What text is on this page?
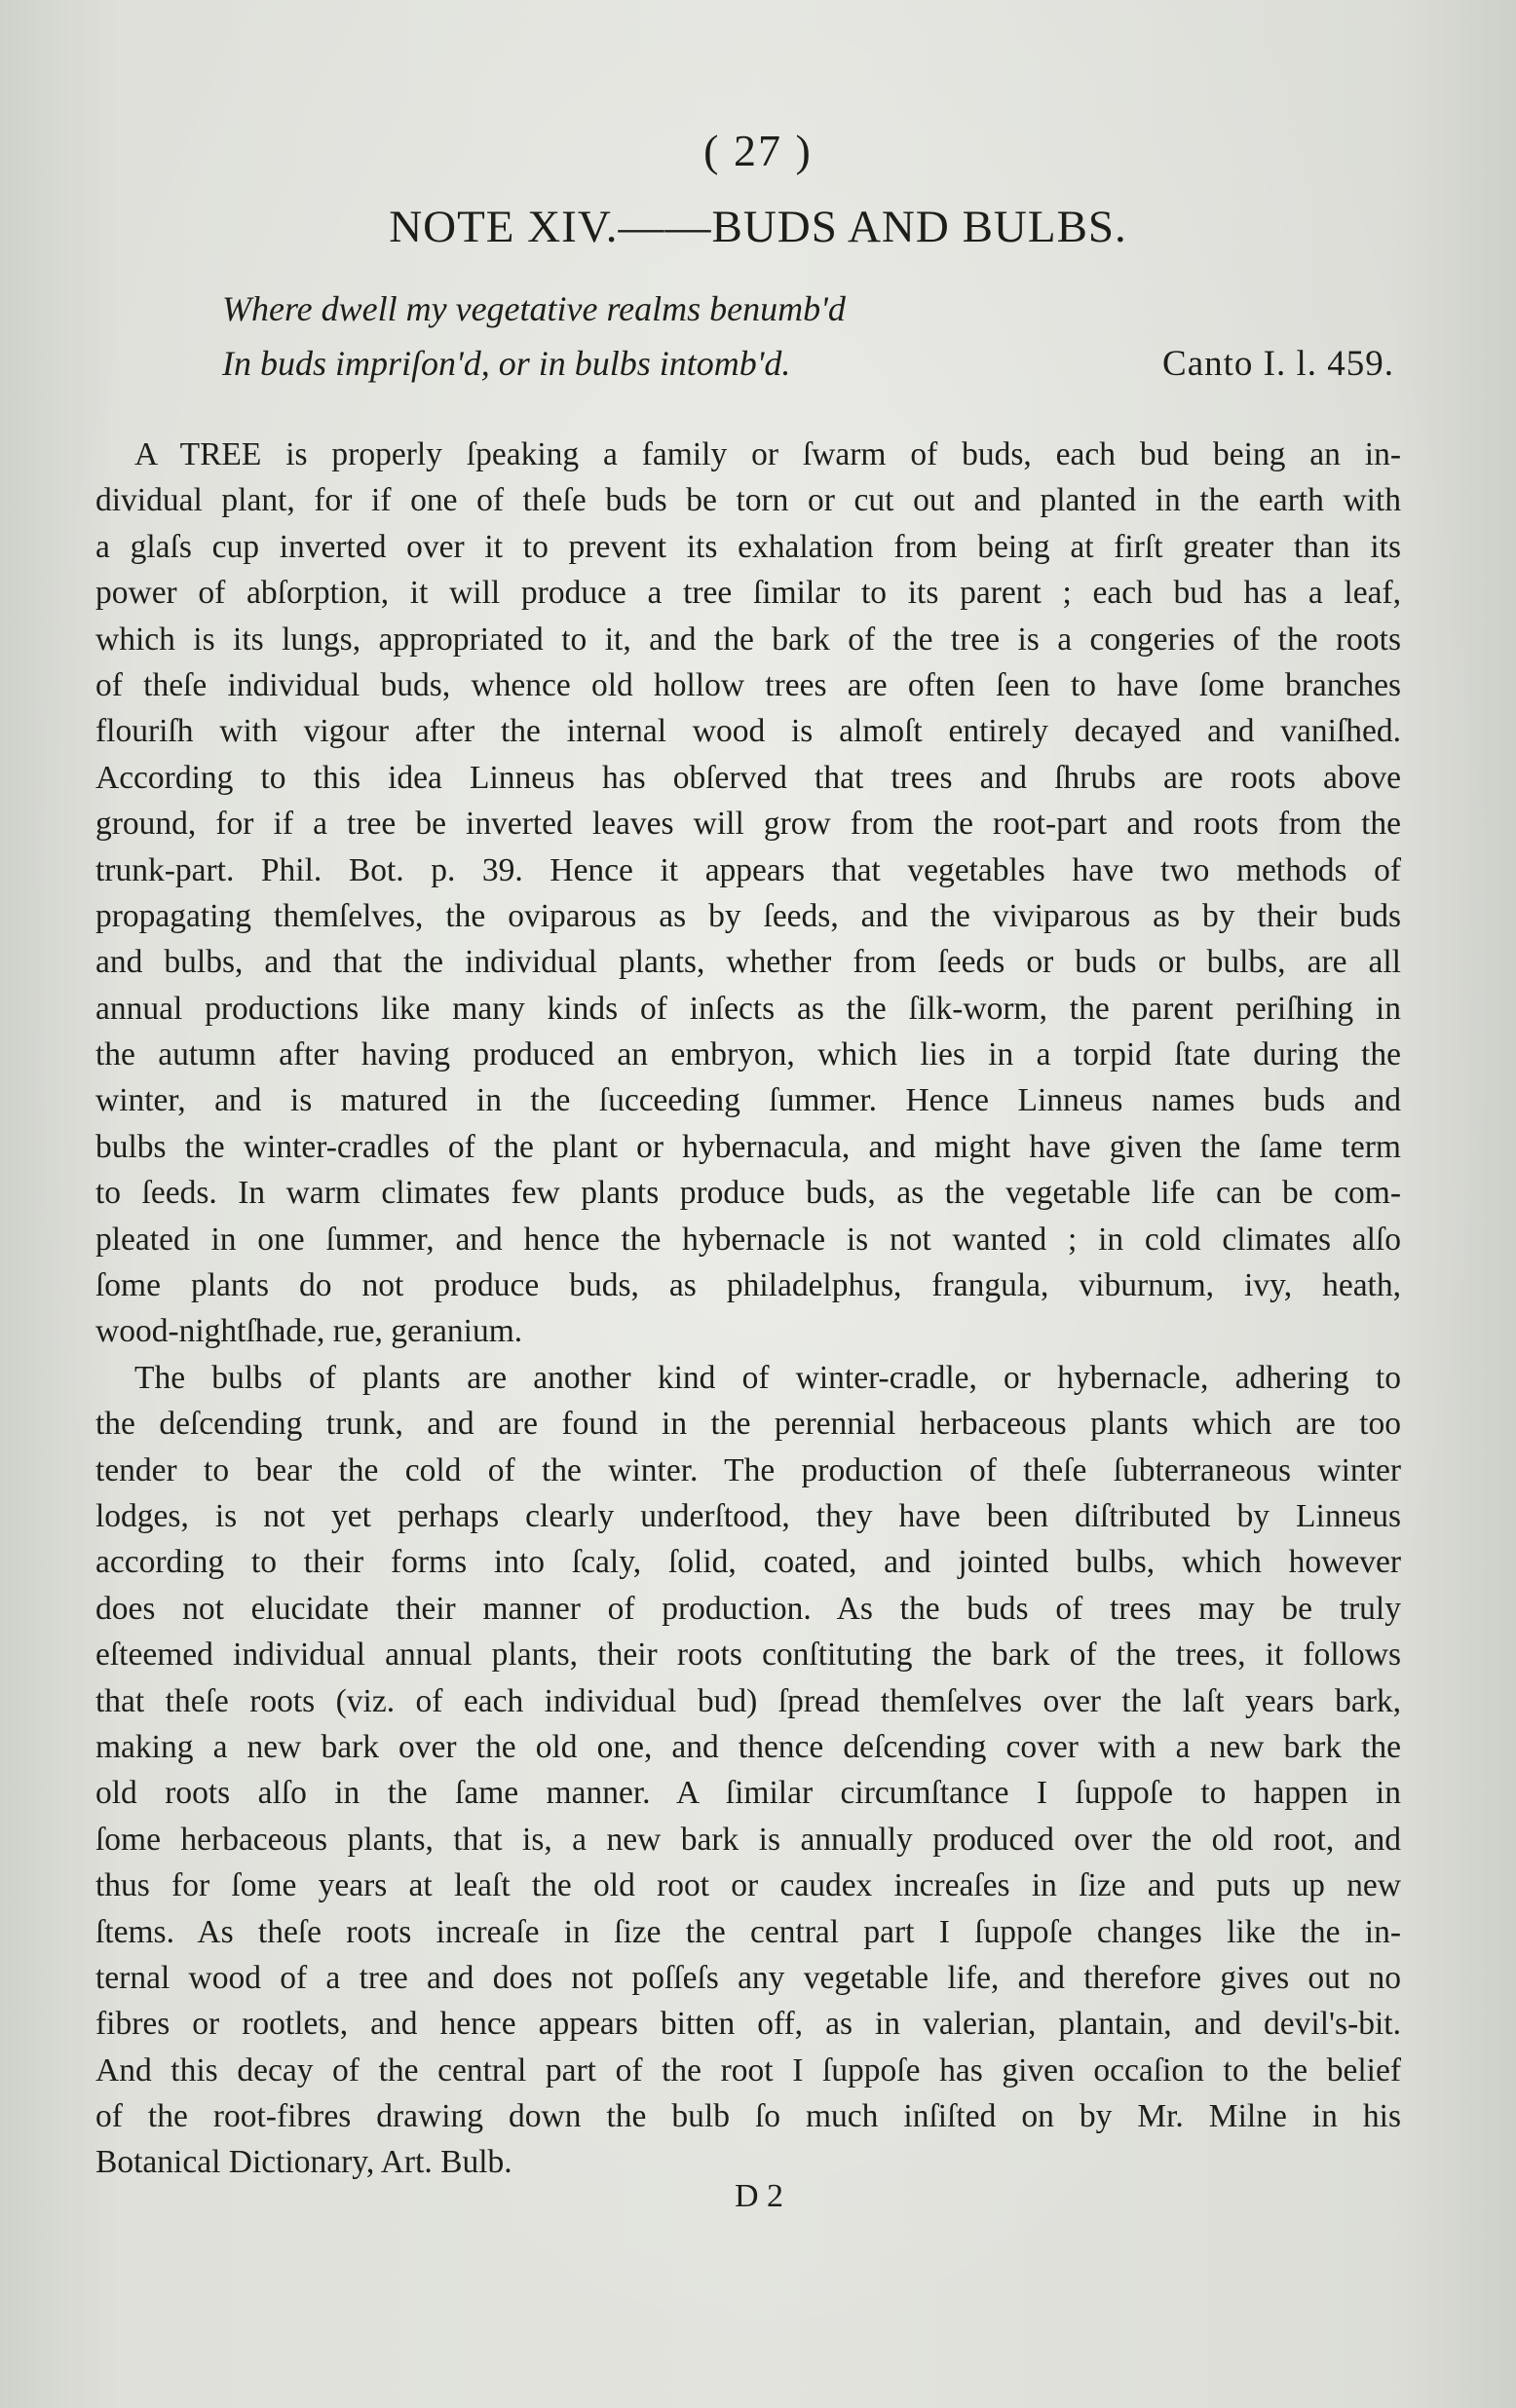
( 27 )
NOTE XIV.——BUDS AND BULBS.
Where dwell my vegetative realms benumb'd
In buds impriſon'd, or in bulbs intomb'd.	Canto I. l. 459.
A TREE is properly ſpeaking a family or ſwarm of buds, each bud being an in-
dividual plant, for if one of theſe buds be torn or cut out and planted in the earth with
a glaſs cup inverted over it to prevent its exhalation from being at firſt greater than its
power of abſorption, it will produce a tree ſimilar to its parent ; each bud has a leaf,
which is its lungs, appropriated to it, and the bark of the tree is a congeries of the roots
of theſe individual buds, whence old hollow trees are often ſeen to have ſome branches
flouriſh with vigour after the internal wood is almoſt entirely decayed and vaniſhed.
According to this idea Linneus has obſerved that trees and ſhrubs are roots above
ground, for if a tree be inverted leaves will grow from the root-part and roots from the
trunk-part. Phil. Bot. p. 39. Hence it appears that vegetables have two methods of
propagating themſelves, the oviparous as by ſeeds, and the viviparous as by their buds
and bulbs, and that the individual plants, whether from ſeeds or buds or bulbs, are all
annual productions like many kinds of inſects as the ſilk-worm, the parent periſhing in
the autumn after having produced an embryon, which lies in a torpid ſtate during the
winter, and is matured in the ſucceeding ſummer. Hence Linneus names buds and
bulbs the winter-cradles of the plant or hybernacula, and might have given the ſame term
to ſeeds. In warm climates few plants produce buds, as the vegetable life can be com-
pleated in one ſummer, and hence the hybernacle is not wanted ; in cold climates alſo
ſome plants do not produce buds, as philadelphus, frangula, viburnum, ivy, heath,
wood-nightſhade, rue, geranium.
The bulbs of plants are another kind of winter-cradle, or hybernacle, adhering to
the deſcending trunk, and are found in the perennial herbaceous plants which are too
tender to bear the cold of the winter. The production of theſe ſubterraneous winter
lodges, is not yet perhaps clearly underſtood, they have been diſtributed by Linneus
according to their forms into ſcaly, ſolid, coated, and jointed bulbs, which however
does not elucidate their manner of production. As the buds of trees may be truly
eſteemed individual annual plants, their roots conſtituting the bark of the trees, it follows
that theſe roots (viz. of each individual bud) ſpread themſelves over the laſt years bark,
making a new bark over the old one, and thence deſcending cover with a new bark the
old roots alſo in the ſame manner. A ſimilar circumſtance I ſuppoſe to happen in
ſome herbaceous plants, that is, a new bark is annually produced over the old root, and
thus for ſome years at leaſt the old root or caudex increaſes in ſize and puts up new
ſtems. As theſe roots increaſe in ſize the central part I ſuppoſe changes like the in-
ternal wood of a tree and does not poſſeſs any vegetable life, and therefore gives out no
fibres or rootlets, and hence appears bitten off, as in valerian, plantain, and devil's-bit.
And this decay of the central part of the root I ſuppoſe has given occaſion to the belief
of the root-fibres drawing down the bulb ſo much inſiſted on by Mr. Milne in his
Botanical Dictionary, Art. Bulb.
D 2
